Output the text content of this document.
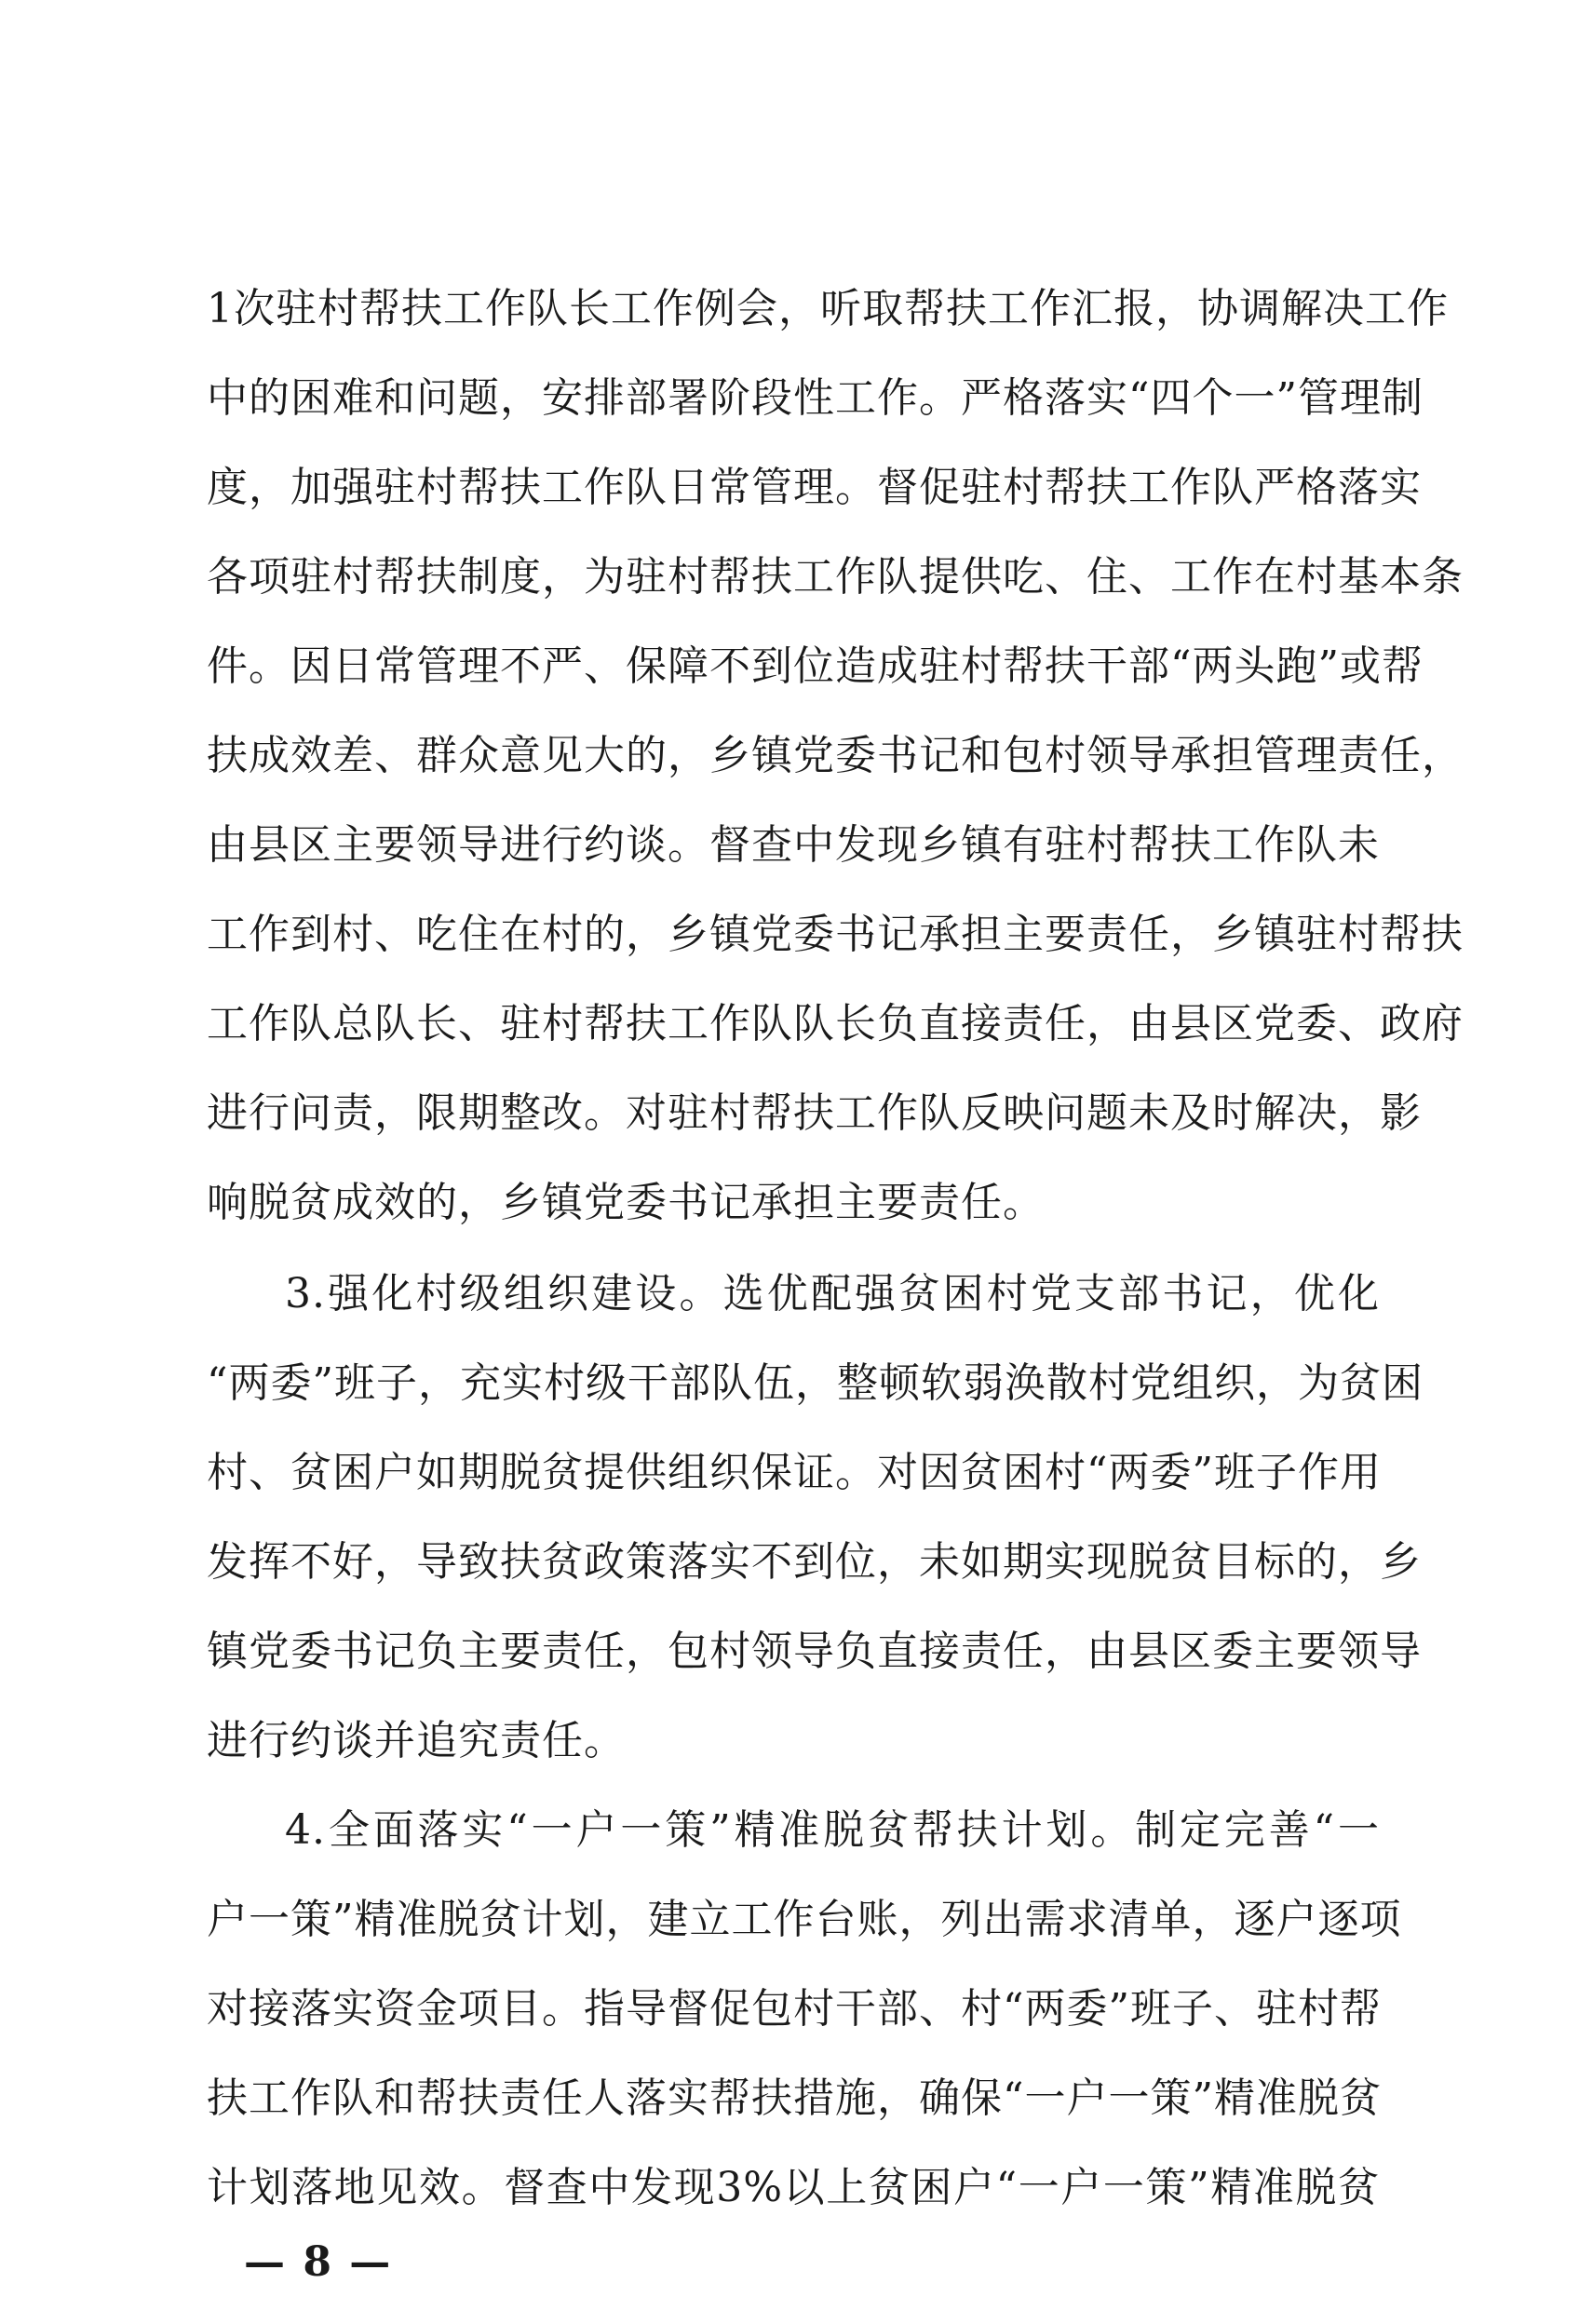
1次驻村帮扶工作队长工作例会，听取帮扶工作汇报，协调解决工作
中的困难和问题，安排部署阶段性工作。严格落实“四个一”管理制
度，加强驻村帮扶工作队日常管理。督促驻村帮扶工作队严格落实
各项驻村帮扶制度，为驻村帮扶工作队提供吃、住、工作在村基本条
件。因日常管理不严、保障不到位造成驻村帮扶干部“两头跑”或帮
扶成效差、群众意见大的，乡镇党委书记和包村领导承担管理责任，
由县区主要领导进行约谈。督查中发现乡镇有驻村帮扶工作队未
工作到村、吃住在村的，乡镇党委书记承担主要责任，乡镇驻村帮扶
工作队总队长、驻村帮扶工作队队长负直接责任，由县区党委、政府
进行问责，限期整改。对驻村帮扶工作队反映问题未及时解决，影
响脱贫成效的，乡镇党委书记承担主要责任。
3.强化村级组织建设。选优配强贫困村党支部书记，优化
“两委”班子，充实村级干部队伍，整顿软弱涣散村党组织，为贫困
村、贫困户如期脱贫提供组织保证。对因贫困村“两委”班子作用
发挥不好，导致扶贫政策落实不到位，未如期实现脱贫目标的，乡
镇党委书记负主要责任，包村领导负直接责任，由县区委主要领导
进行约谈并追究责任。
4.全面落实“一户一策”精准脱贫帮扶计划。制定完善“一
户一策”精准脱贫计划，建立工作台账，列出需求清单，逐户逐项
对接落实资金项目。指导督促包村干部、村“两委”班子、驻村帮
扶工作队和帮扶责任人落实帮扶措施，确保“一户一策”精准脱贫
— 8 —
计划落地见效。督查中发现3%以上贫困户“一户一策”精准脱贫
